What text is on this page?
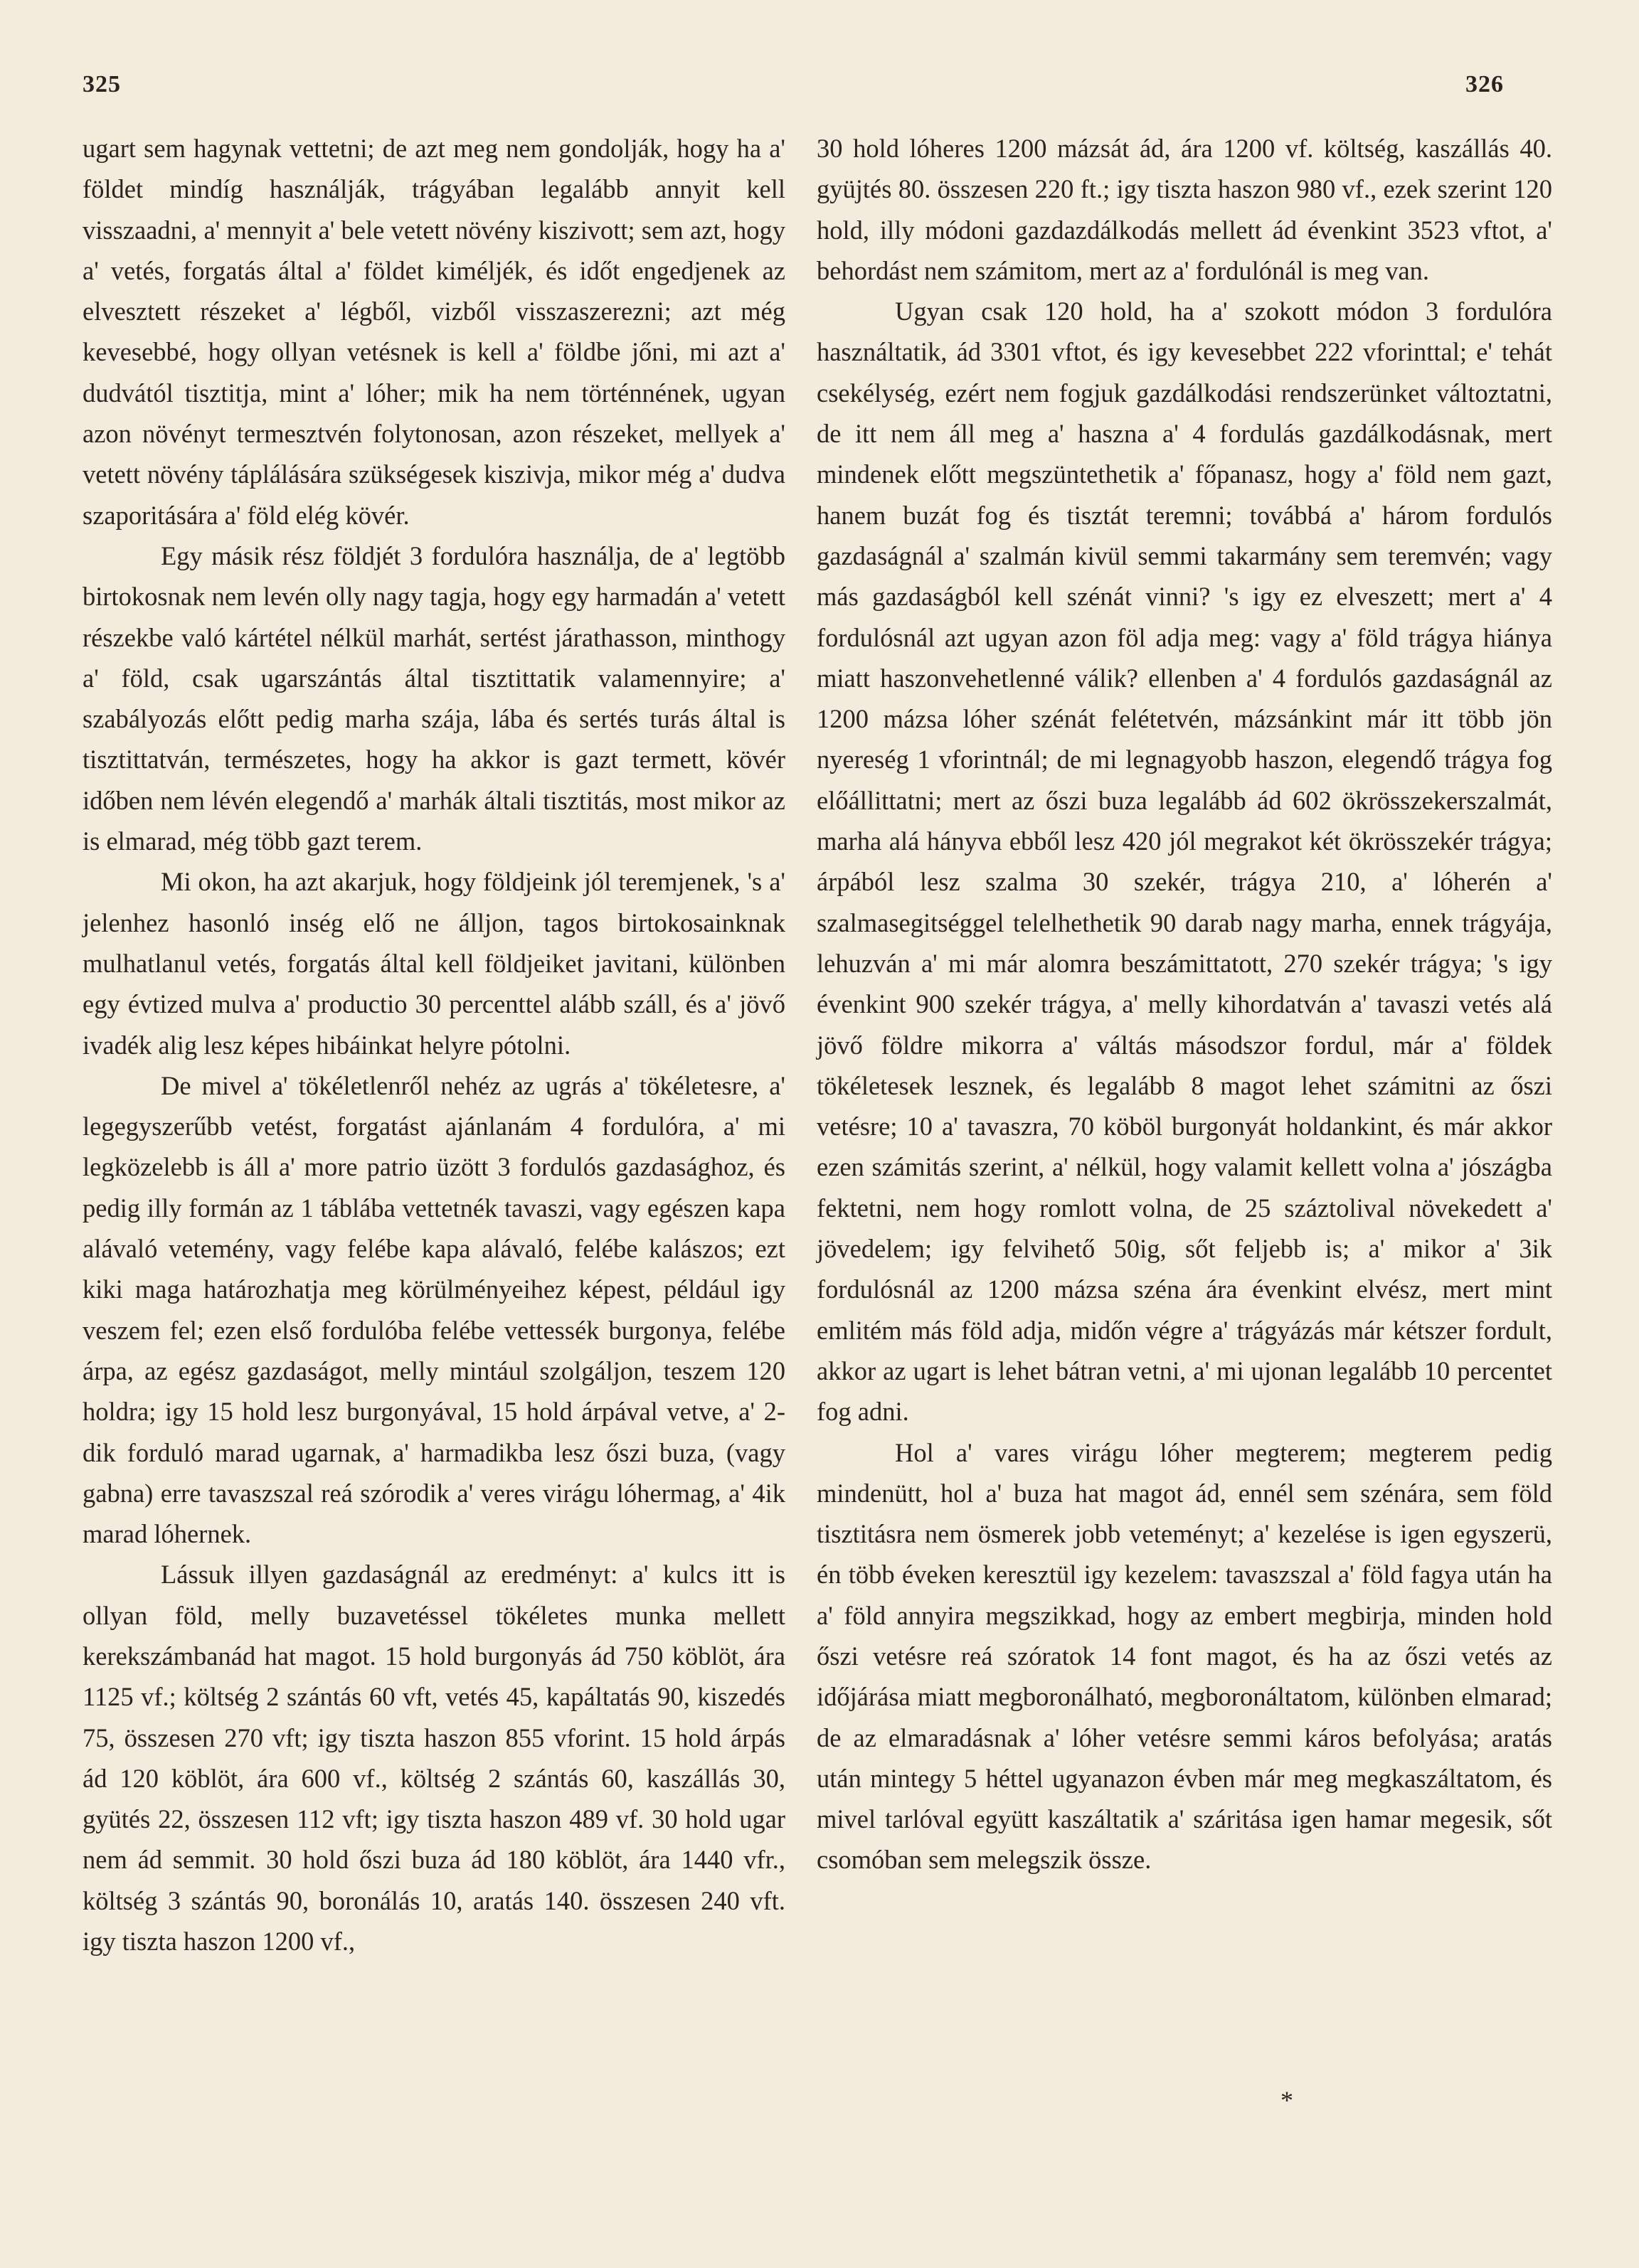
325	326

ugart sem hagynak vettetni; de azt meg nem gondolják, hogy ha a' földet mindíg használják, trágyában legalább annyit kell visszaadni, a' mennyit a' bele vetett növény kiszivott; sem azt, hogy a' vetés, forgatás által a' földet kiméljék, és időt engedjenek az elvesztett részeket a' légből, vizből visszaszerezni; azt még kevesebbé, hogy ollyan vetésnek is kell a' földbe jőni, mi azt a' dudvától tisztitja, mint a' lóher; mik ha nem történnének, ugyan azon növényt termesztvén folytonosan, azon részeket, mellyek a' vetett növény táplálására szükségesek kiszivja, mikor még a' dudva szaporitására a' föld elég kövér.

Egy másik rész földjét 3 fordulóra használja, de a' legtöbb birtokosnak nem levén olly nagy tagja, hogy egy harmadán a' vetett részekbe való kártétel nélkül marhát, sertést járathasson, minthogy a' föld, csak ugarszántás által tisztittatik valamennyire; a' szabályozás előtt pedig marha szája, lába és sertés turás által is tisztittatván, természetes, hogy ha akkor is gazt termett, kövér időben nem lévén elegendő a' marhák általi tisztitás, most mikor az is elmarad, még több gazt terem.

Mi okon, ha azt akarjuk, hogy földjeink jól teremjenek, 's a' jelenhez hasonló inség elő ne álljon, tagos birtokosainknak mulhatlanul vetés, forgatás által kell földjeiket javitani, különben egy évtized mulva a' productio 30 percenttel alább száll, és a' jövő ivadék alig lesz képes hibáinkat helyre pótolni.

De mivel a' tökéletlenről nehéz az ugrás a' tökéletesre, a' legegyszerűbb vetést, forgatást ajánlanám 4 fordulóra, a' mi legközelebb is áll a' more patrio üzött 3 fordulós gazdasághoz, és pedig illy formán az 1 táblába vettetnék tavaszi, vagy egészen kapa alávaló vetemény, vagy felébe kapa alávaló, felébe kalászos; ezt kiki maga határozhatja meg körülményeihez képest, például igy veszem fel; ezen első fordulóba felébe vettessék burgonya, felébe árpa, az egész gazdaságot, melly mintául szolgáljon, teszem 120 holdra; igy 15 hold lesz burgonyával, 15 hold árpával vetve, a' 2-dik forduló marad ugarnak, a' harmadikba lesz őszi buza, (vagy gabna) erre tavaszszal reá szórodik a' veres virágu lóhermag, a' 4ik marad lóhernek.

Lássuk illyen gazdaságnál az eredményt: a' kulcs itt is ollyan föld, melly buzavetéssel tökéletes munka mellett kerekszámbanád hat magot. 15 hold burgonyás ád 750 köblöt, ára 1125 vf.; költség 2 szántás 60 vft, vetés 45, kapáltatás 90, kiszedés 75, összesen 270 vft; igy tiszta haszon 855 vforint. 15 hold árpás ád 120 köblöt, ára 600 vf., költség 2 szántás 60, kaszállás 30, gyütés 22, összesen 112 vft; igy tiszta haszon 489 vf. 30 hold ugar nem ád semmit. 30 hold őszi buza ád 180 köblöt, ára 1440 vfr., költség 3 szántás 90, boronálás 10, aratás 140. összesen 240 vft. igy tiszta haszon 1200 vf.,

30 hold lóheres 1200 mázsát ád, ára 1200 vf. költség, kaszállás 40. gyüjtés 80. összesen 220 ft.; igy tiszta haszon 980 vf., ezek szerint 120 hold, illy módoni gazdazdálkodás mellett ád évenkint 3523 vftot, a' behordást nem számitom, mert az a' fordulónál is meg van.

Ugyan csak 120 hold, ha a' szokott módon 3 fordulóra használtatik, ád 3301 vftot, és igy kevesebbet 222 vforinttal; e' tehát csekélység, ezért nem fogjuk gazdálkodási rendszerünket változtatni, de itt nem áll meg a' haszna a' 4 fordulás gazdálkodásnak, mert mindenek előtt megszüntethetik a' főpanasz, hogy a' föld nem gazt, hanem buzát fog és tisztát teremni; továbbá a' három fordulós gazdaságnál a' szalmán kivül semmi takarmány sem teremvén; vagy más gazdaságból kell szénát vinni? 's igy ez elveszett; mert a' 4 fordulósnál azt ugyan azon föl adja meg: vagy a' föld trágya hiánya miatt haszonvehetlenné válik? ellenben a' 4 fordulós gazdaságnál az 1200 mázsa lóher szénát felétetvén, mázsánkint már itt több jön nyereség 1 vforintnál; de mi legnagyobb haszon, elegendő trágya fog előállittatni; mert az őszi buza legalább ád 602 ökrösszekerszalmát, marha alá hányva ebből lesz 420 jól megrakot két ökrösszekér trágya; árpából lesz szalma 30 szekér, trágya 210, a' lóherén a' szalmasegitséggel telelhethetik 90 darab nagy marha, ennek trágyája, lehuzván a' mi már alomra beszámittatott, 270 szekér trágya; 's igy évenkint 900 szekér trágya, a' melly kihordatván a' tavaszi vetés alá jövő földre mikorra a' váltás másodszor fordul, már a' földek tökéletesek lesznek, és legalább 8 magot lehet számitni az őszi vetésre; 10 a' tavaszra, 70 köböl burgonyát holdankint, és már akkor ezen számitás szerint, a' nélkül, hogy valamit kellett volna a' jószágba fektetni, nem hogy romlott volna, de 25 száztolival növekedett a' jövedelem; igy felvihető 50ig, sőt feljebb is; a' mikor a' 3ik fordulósnál az 1200 mázsa széna ára évenkint elvész, mert mint emlitém más föld adja, midőn végre a' trágyázás már kétszer fordult, akkor az ugart is lehet bátran vetni, a' mi ujonan legalább 10 percentet fog adni.

Hol a' vares virágu lóher megterem; megterem pedig mindenütt, hol a' buza hat magot ád, ennél sem szénára, sem föld tisztitásra nem ösmerek jobb veteményt; a' kezelése is igen egyszerü, én több éveken keresztül igy kezelem: tavaszszal a' föld fagya után ha a' föld annyira megszikkad, hogy az embert megbirja, minden hold őszi vetésre reá szóratok 14 font magot, és ha az őszi vetés az időjárása miatt megboronálható, megboronáltatom, különben elmarad; de az elmaradásnak a' lóher vetésre semmi káros befolyása; aratás után mintegy 5 héttel ugyanazon évben már meg megkaszáltatom, és mivel tarlóval együtt kaszáltatik a' száritása igen hamar megesik, sőt csomóban sem melegszik össze.

*
